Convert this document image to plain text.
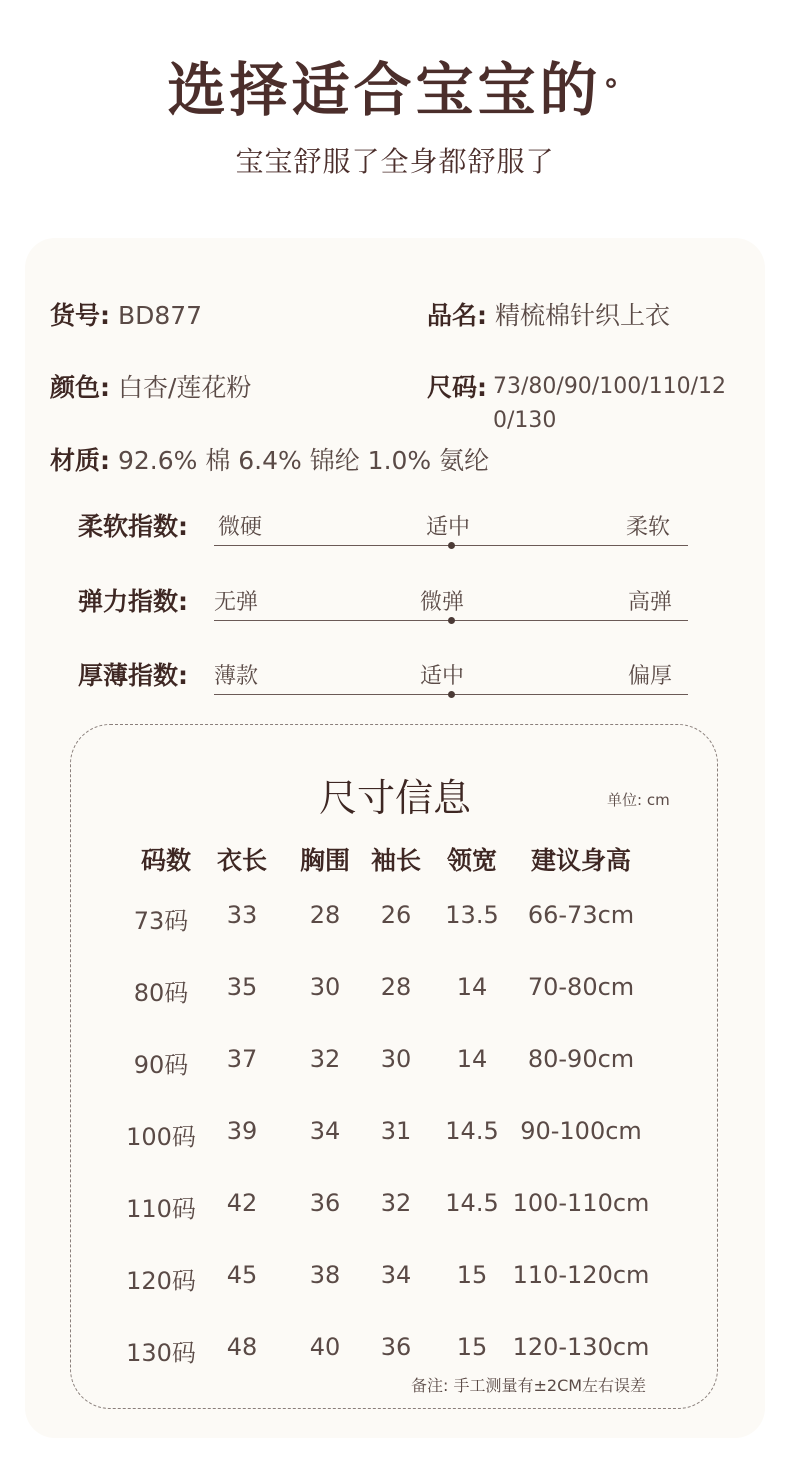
选择适合宝宝的°
宝宝舒服了全身都舒服了
货号: BD877	品名: 精梳棉针织上衣
颜色: 白杏/莲花粉	尺码: 73/80/90/100/110/120/130
材质: 92.6% 棉 6.4% 锦纶 1.0% 氨纶
柔软指数: 微硬	适中	柔软
弹力指数: 无弹	微弹	高弹
厚薄指数: 薄款	适中	偏厚
尺寸信息	单位: cm
码数	衣长	胸围 袖长	领宽	建议身高
73码	33	28	26	13.5	66-73cm
80码	35	30	28	14	70-80cm
90码	37	32	30	14	80-90cm
100码	39	34	31	14.5 90-100cm
110码	42	36	32	14.5 100-110cm
120码	45	38	34	15	110-120cm
130码	48	40	36	15	120-130cm
备注: 手工测量有±2CM左右误差
